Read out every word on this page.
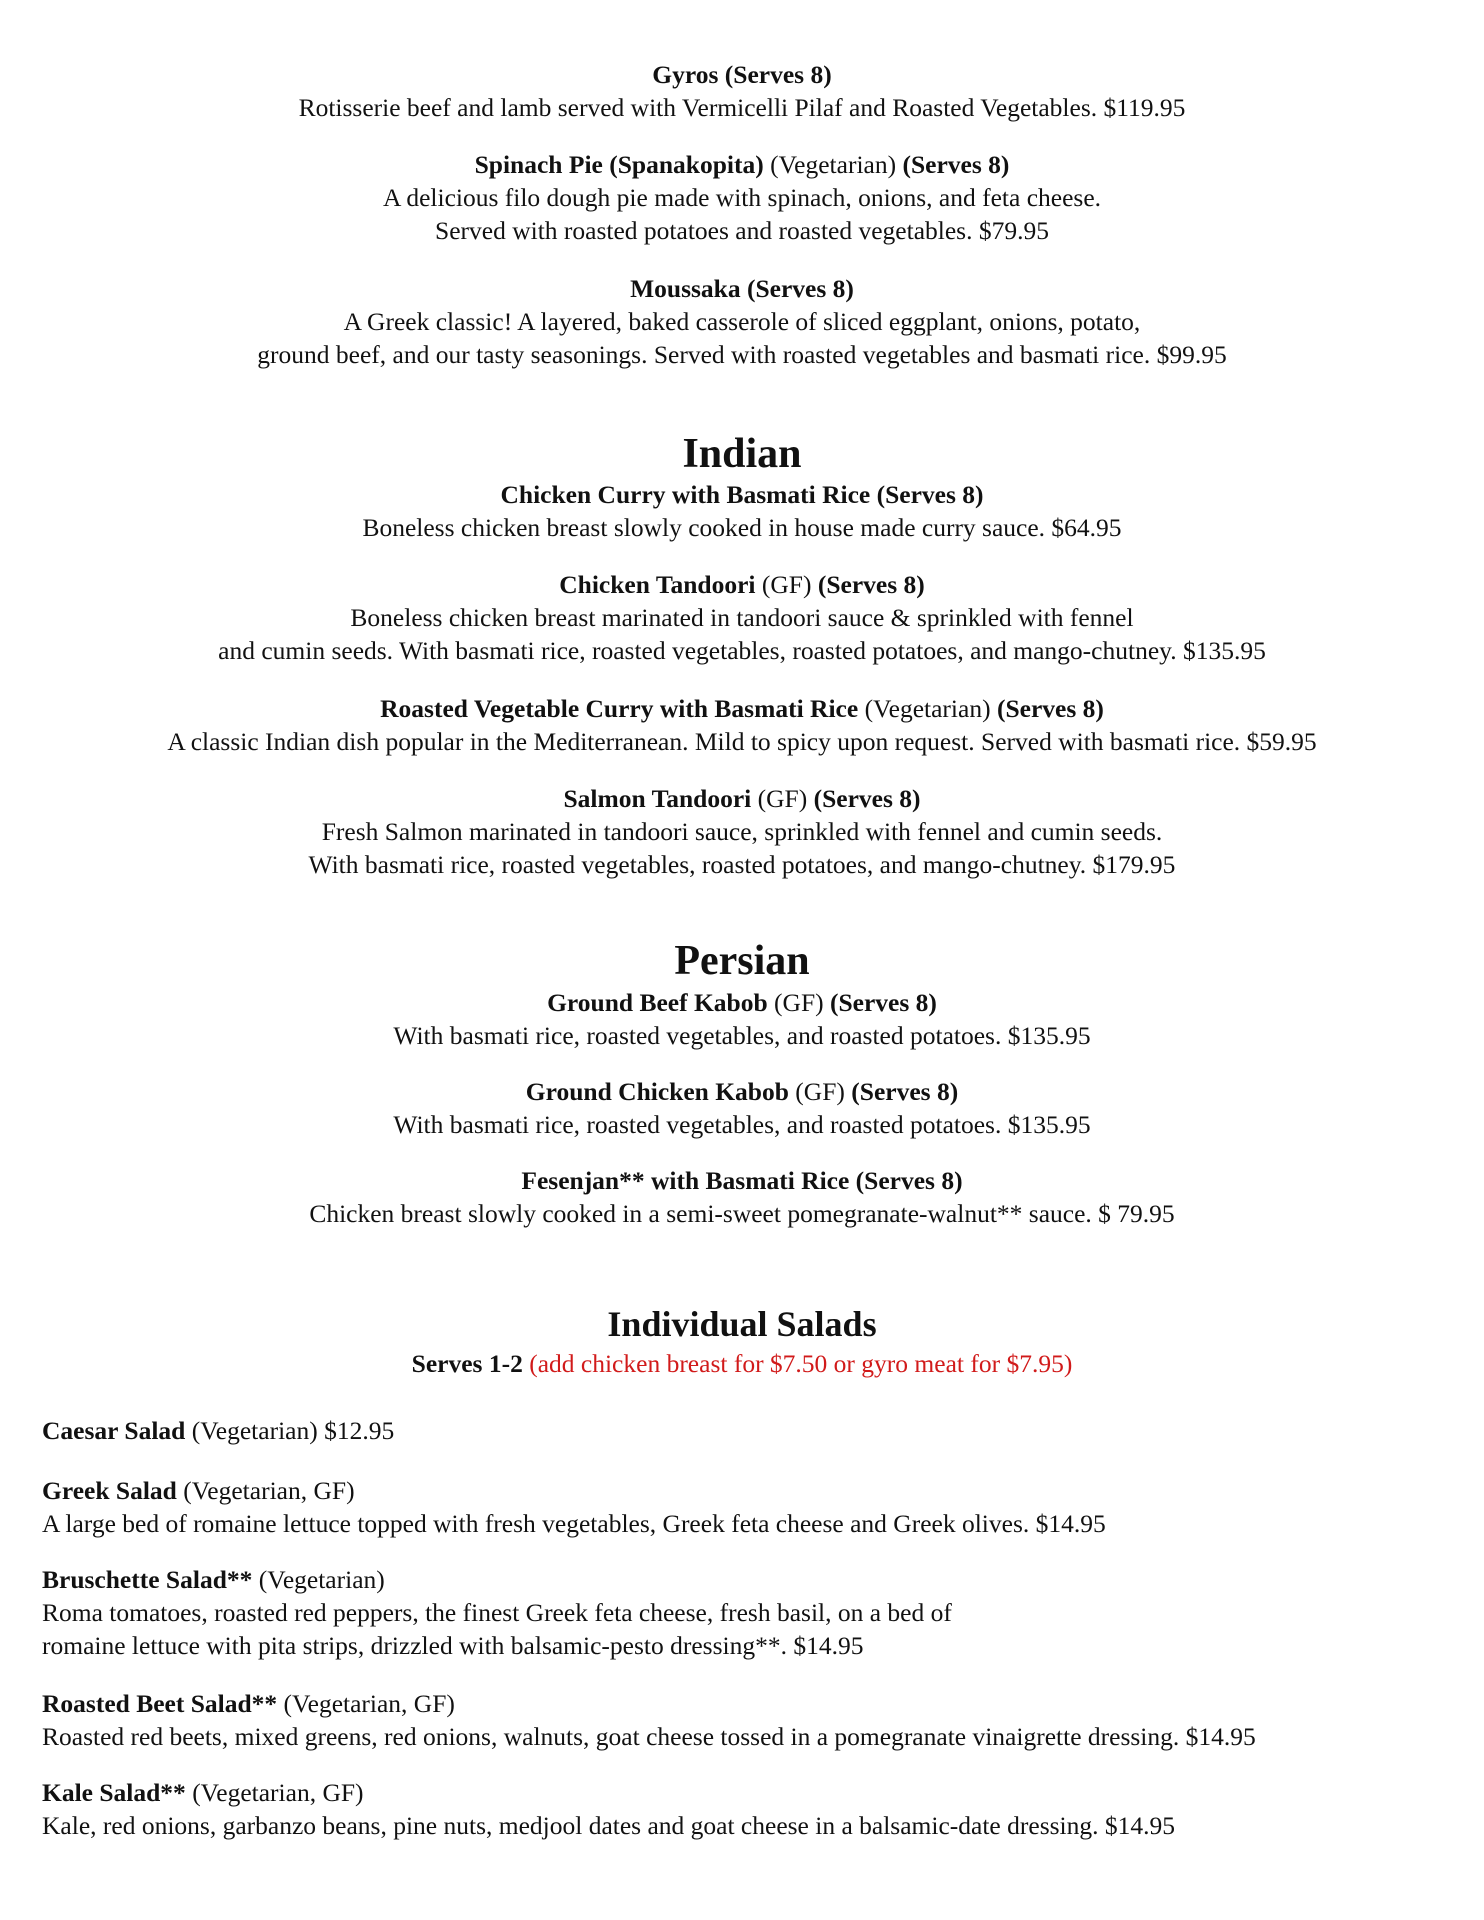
Gyros (Serves 8)
Rotisserie beef and lamb served with Vermicelli Pilaf and Roasted Vegetables. $119.95
Spinach Pie (Spanakopita) (Vegetarian) (Serves 8)
A delicious filo dough pie made with spinach, onions, and feta cheese.
Served with roasted potatoes and roasted vegetables. $79.95
Moussaka (Serves 8)
A Greek classic! A layered, baked casserole of sliced eggplant, onions, potato,
ground beef, and our tasty seasonings. Served with roasted vegetables and basmati rice. $99.95
Indian
Chicken Curry with Basmati Rice (Serves 8)
Boneless chicken breast slowly cooked in house made curry sauce. $64.95
Chicken Tandoori (GF) (Serves 8)
Boneless chicken breast marinated in tandoori sauce & sprinkled with fennel
and cumin seeds. With basmati rice, roasted vegetables, roasted potatoes, and mango-chutney. $135.95
Roasted Vegetable Curry with Basmati Rice (Vegetarian) (Serves 8)
A classic Indian dish popular in the Mediterranean. Mild to spicy upon request. Served with basmati rice. $59.95
Salmon Tandoori (GF) (Serves 8)
Fresh Salmon marinated in tandoori sauce, sprinkled with fennel and cumin seeds.
With basmati rice, roasted vegetables, roasted potatoes, and mango-chutney. $179.95
Persian
Ground Beef Kabob (GF) (Serves 8)
With basmati rice, roasted vegetables, and roasted potatoes. $135.95
Ground Chicken Kabob (GF) (Serves 8)
With basmati rice, roasted vegetables, and roasted potatoes. $135.95
Fesenjan** with Basmati Rice (Serves 8)
Chicken breast slowly cooked in a semi-sweet pomegranate-walnut** sauce. $ 79.95
Individual Salads
Serves 1-2 (add chicken breast for $7.50 or gyro meat for $7.95)
Caesar Salad (Vegetarian) $12.95
Greek Salad (Vegetarian, GF)
A large bed of romaine lettuce topped with fresh vegetables, Greek feta cheese and Greek olives. $14.95
Bruschette Salad** (Vegetarian)
Roma tomatoes, roasted red peppers, the finest Greek feta cheese, fresh basil, on a bed of
romaine lettuce with pita strips, drizzled with balsamic-pesto dressing**. $14.95
Roasted Beet Salad** (Vegetarian, GF)
Roasted red beets, mixed greens, red onions, walnuts, goat cheese tossed in a pomegranate vinaigrette dressing. $14.95
Kale Salad** (Vegetarian, GF)
Kale, red onions, garbanzo beans, pine nuts, medjool dates and goat cheese in a balsamic-date dressing. $14.95
